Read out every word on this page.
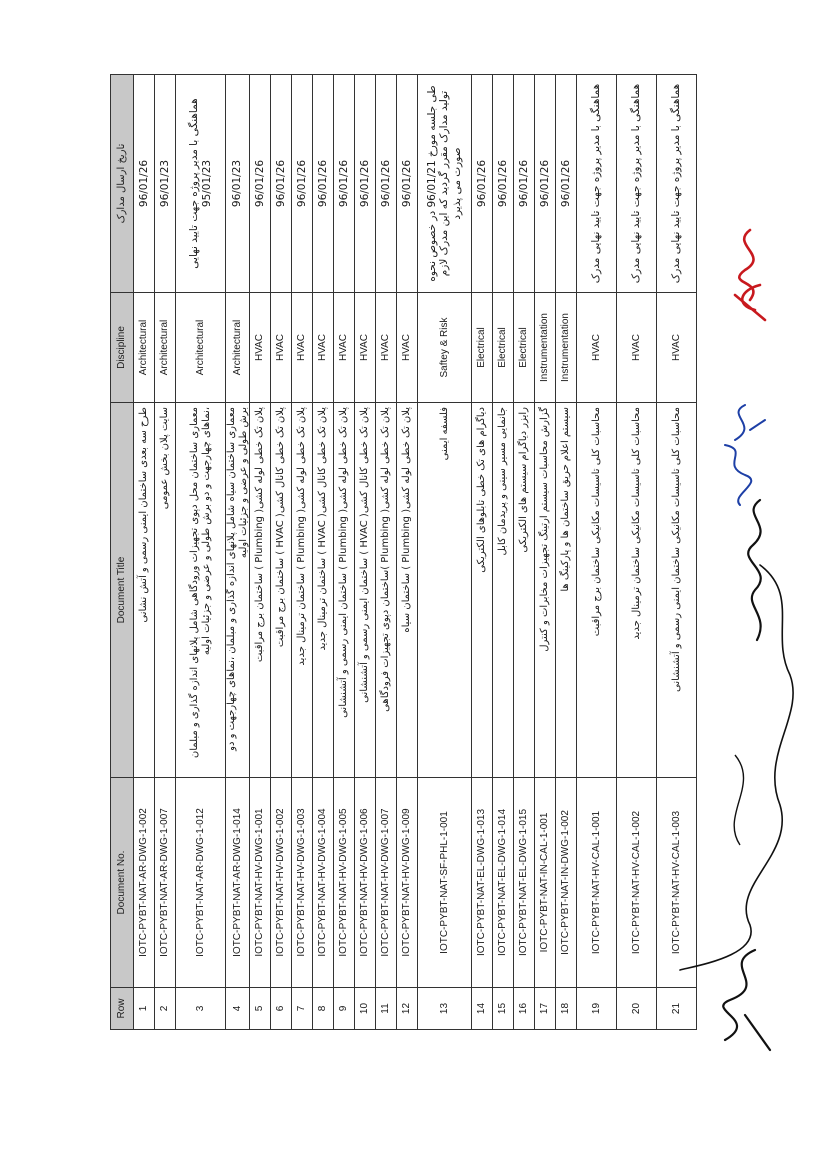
Row	Document No.	Document Title	Discipline	تاریخ ارسال مدارک
1	IOTC-PYBT-NAT-AR-DWG-1-002	طرح سه بعدی ساختمان ایمنی رسمی و آتش نشانی	Architectural	96/01/26
2	IOTC-PYBT-NAT-AR-DWG-1-007	سایت پلان بخش عمومی	Architectural	96/01/23
3	IOTC-PYBT-NAT-AR-DWG-1-012	معماری ساختمان محل دپوی تجهیزات ورودگاهی شامل پلانهای اندازه گذاری و مبلمان ،نماهای چهارجهت و دو برش طولی و عرضی و جزئیات اولیه	Architectural	هماهنگی با مدیر پروژه جهت تایید نهایی 95/01/23
4	IOTC-PYBT-NAT-AR-DWG-1-014	معماری ساختمان سیاه شامل پلانهای اندازه گذاری و مبلمان ،نماهای چهارجهت و دو برش طولی و عرضی و جزئیات اولیه	Architectural	96/01/23
5	IOTC-PYBT-NAT-HV-DWG-1-001	پلان تک خطی لوله کشی( Plumbing ) ساختمان برج مراقبت	HVAC	96/01/26
6	IOTC-PYBT-NAT-HV-DWG-1-002	پلان تک خطی کانال کشی( HVAC ) ساختمان برج مراقبت	HVAC	96/01/26
7	IOTC-PYBT-NAT-HV-DWG-1-003	پلان تک خطی لوله کشی( Plumbing ) ساختمان ترمینال جدید	HVAC	96/01/26
8	IOTC-PYBT-NAT-HV-DWG-1-004	پلان تک خطی کانال کشی( HVAC ) ساختمان ترمینال جدید	HVAC	96/01/26
9	IOTC-PYBT-NAT-HV-DWG-1-005	پلان تک خطی لوله کشی( Plumbing ) ساختمان ایمنی رسمی و آتشنشانی	HVAC	96/01/26
10	IOTC-PYBT-NAT-HV-DWG-1-006	پلان تک خطی کانال کشی( HVAC ) ساختمان ایمنی رسمی و آتشنشانی	HVAC	96/01/26
11	IOTC-PYBT-NAT-HV-DWG-1-007	پلان تک خطی لوله کشی( Plumbing )ساختمان دپوی تجهیزات فرودگاهی	HVAC	96/01/26
12	IOTC-PYBT-NAT-HV-DWG-1-009	پلان تک خطی لوله کشی( Plumbing ) ساختمان سیاه	HVAC	96/01/26
13	IOTC-PYBT-NAT-SF-PHL-1-001	فلسفه ایمنی	Saftey & Risk	طی جلسه مورخ 96/01/21 در خصوص نحوه تولید مدارک مقرر گردید که این مدرک لازم صورت می پذیرد
14	IOTC-PYBT-NAT-EL-DWG-1-013	دیاگرام های تک خطی تابلوهای الکتریکی	Electrical	96/01/26
15	IOTC-PYBT-NAT-EL-DWG-1-014	جانمایی مسیر سینی و پریدمان کابل	Electrical	96/01/26
16	IOTC-PYBT-NAT-EL-DWG-1-015	رایزر دیاگرام سیستم های الکتریکی	Electrical	96/01/26
17	IOTC-PYBT-NAT-IN-CAL-1-001	گزارش محاسبات سیستم ارتینگ تجهیزات مخابرات و کنترل	Instrumentation	96/01/26
18	IOTC-PYBT-NAT-IN-DWG-1-002	سیستم اعلام حریق ساختمان ها و پارکینگ ها	Instrumentation	96/01/26
19	IOTC-PYBT-NAT-HV-CAL-1-001	محاسبات کلی تاسیسات مکانیکی ساختمان برج مراقبت	HVAC	هماهنگی با مدیر پروژه جهت تایید نهایی مدرک
20	IOTC-PYBT-NAT-HV-CAL-1-002	محاسبات کلی تاسیسات مکانیکی ساختمان ترمینال جدید	HVAC	هماهنگی با مدیر پروژه جهت تایید نهایی مدرک
21	IOTC-PYBT-NAT-HV-CAL-1-003	محاسبات کلی تاسیسات مکانیکی ساختمان ایمنی رسمی و آتشنشانی	HVAC	هماهنگی با مدیر پروژه جهت تایید نهایی مدرک
